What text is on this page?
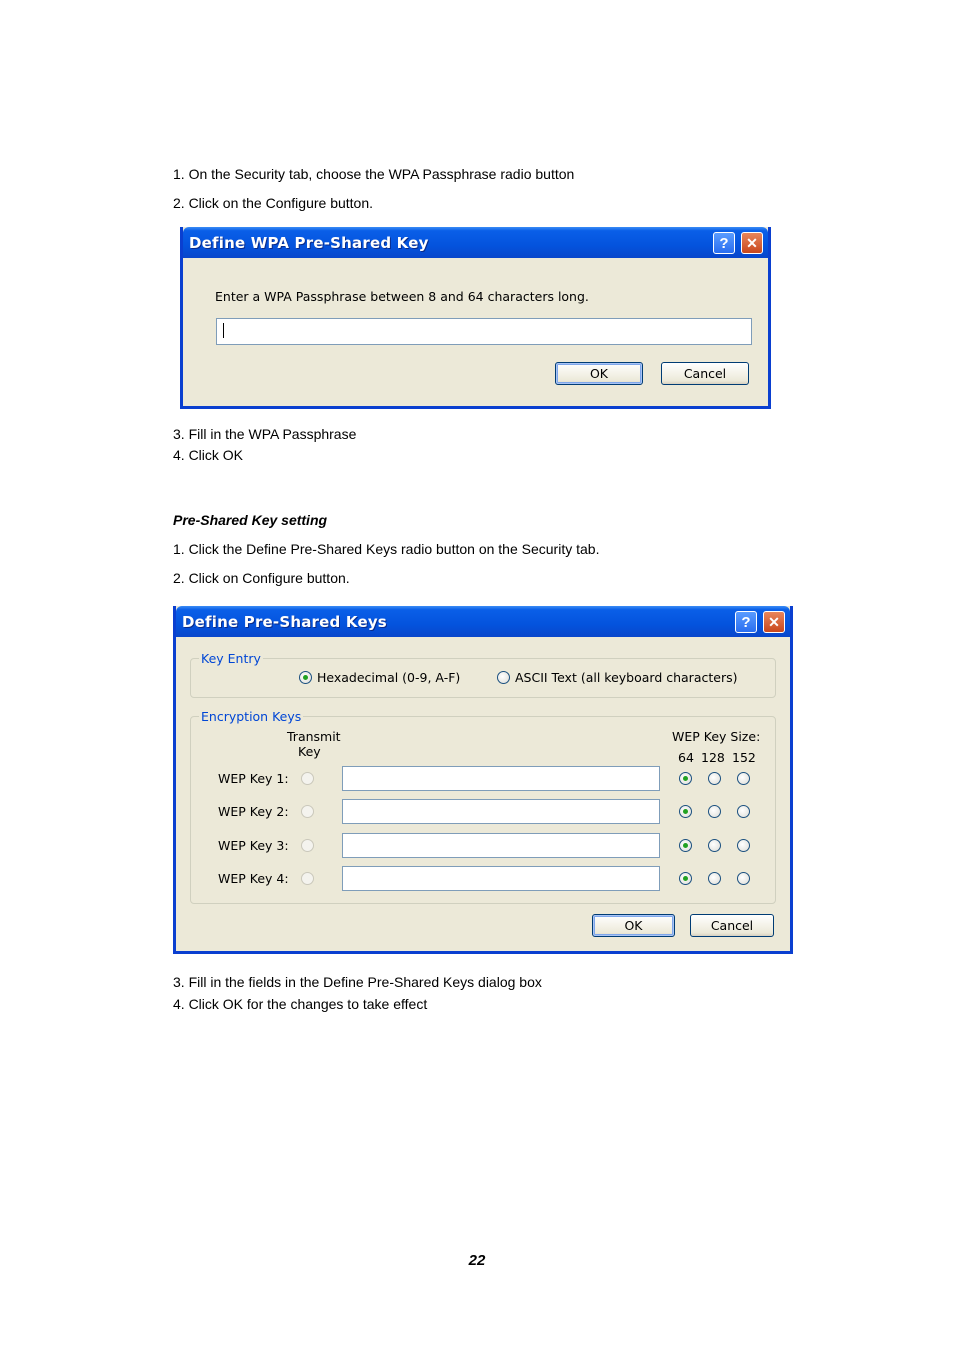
1. On the Security tab, choose the WPA Passphrase radio button
2. Click on the Configure button.
Define WPA Pre-Shared Key	?	✕
Enter a WPA Passphrase between 8 and 64 characters long.
OK	Cancel
3. Fill in the WPA Passphrase
4. Click OK
Pre-Shared Key setting
1. Click the Define Pre-Shared Keys radio button on the Security tab.
2. Click on Configure button.
Define Pre-Shared Keys	?	✕
Key Entry
Hexadecimal (0-9, A-F)	ASCII Text (all keyboard characters)
Encryption Keys
Transmit
Key
WEP Key Size:
64 128 152
WEP Key 1:
WEP Key 2:
WEP Key 3:
WEP Key 4:
OK	Cancel
3. Fill in the fields in the Define Pre-Shared Keys dialog box
4. Click OK for the changes to take effect
22
